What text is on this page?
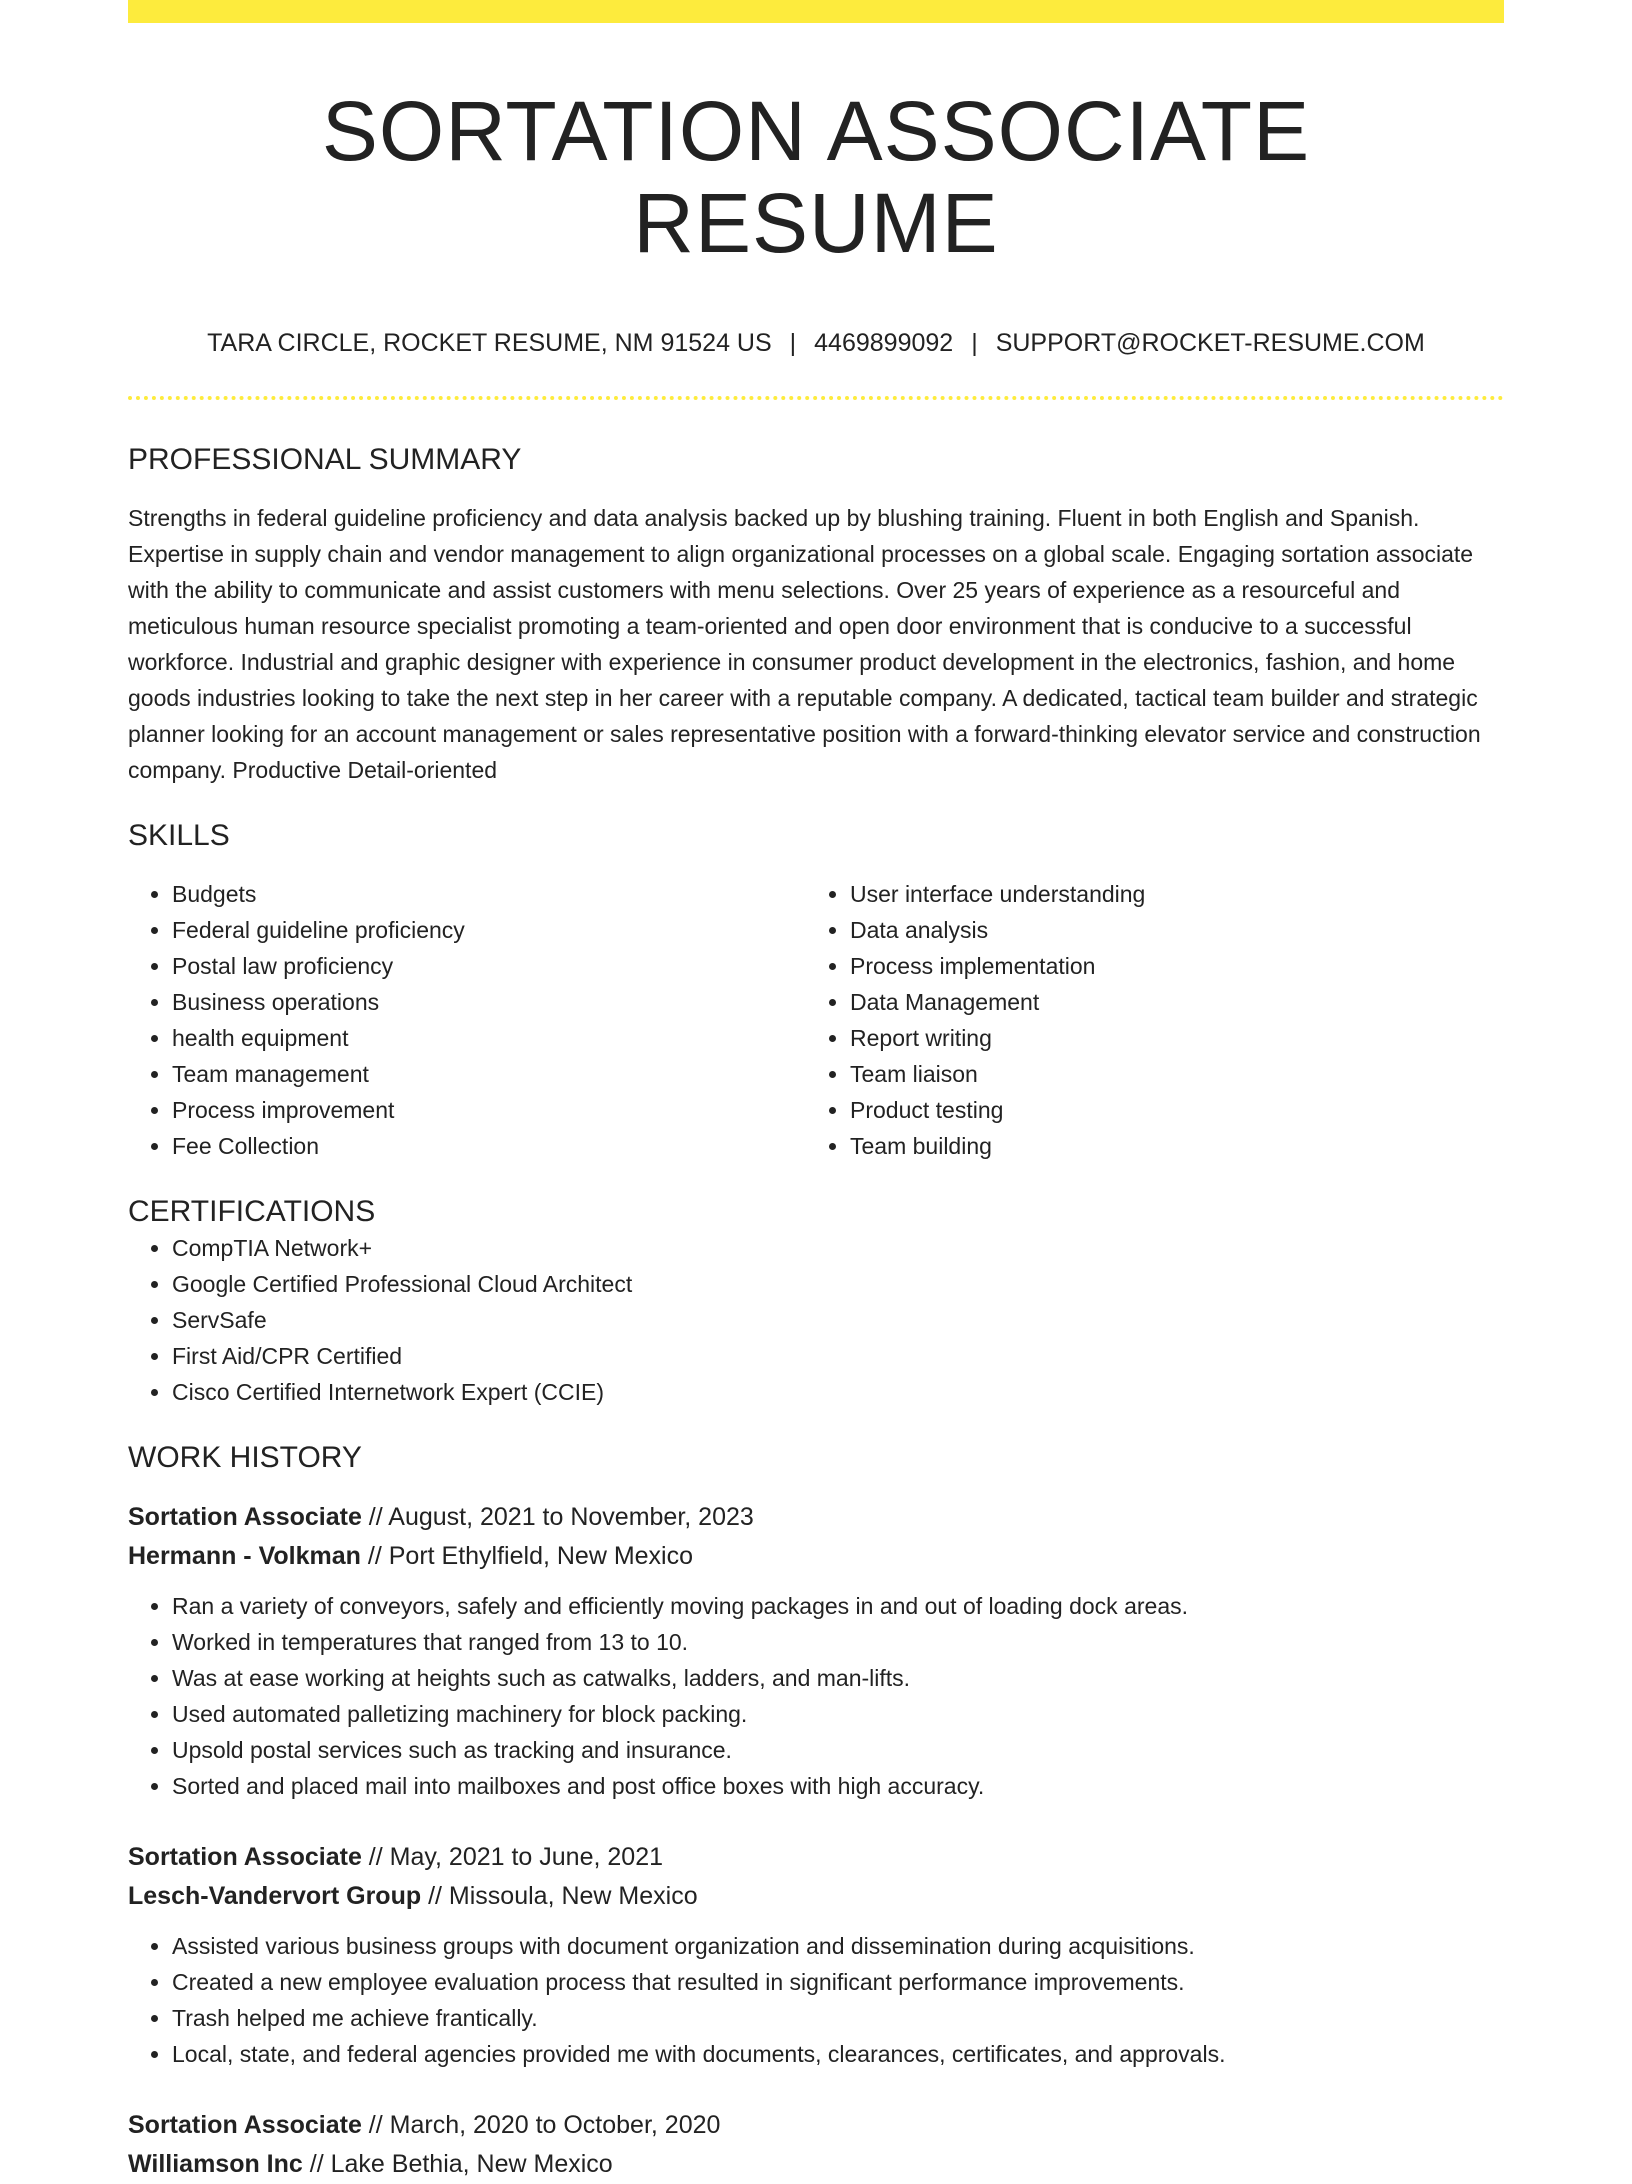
SORTATION ASSOCIATE RESUME
TARA CIRCLE, ROCKET RESUME, NM 91524 US | 4469899092 | SUPPORT@ROCKET-RESUME.COM
PROFESSIONAL SUMMARY
Strengths in federal guideline proficiency and data analysis backed up by blushing training. Fluent in both English and Spanish. Expertise in supply chain and vendor management to align organizational processes on a global scale. Engaging sortation associate with the ability to communicate and assist customers with menu selections. Over 25 years of experience as a resourceful and meticulous human resource specialist promoting a team-oriented and open door environment that is conducive to a successful workforce. Industrial and graphic designer with experience in consumer product development in the electronics, fashion, and home goods industries looking to take the next step in her career with a reputable company. A dedicated, tactical team builder and strategic planner looking for an account management or sales representative position with a forward-thinking elevator service and construction company. Productive Detail-oriented
SKILLS
• Budgets
• Federal guideline proficiency
• Postal law proficiency
• Business operations
• health equipment
• Team management
• Process improvement
• Fee Collection
• User interface understanding
• Data analysis
• Process implementation
• Data Management
• Report writing
• Team liaison
• Product testing
• Team building
CERTIFICATIONS
• CompTIA Network+
• Google Certified Professional Cloud Architect
• ServSafe
• First Aid/CPR Certified
• Cisco Certified Internetwork Expert (CCIE)
WORK HISTORY
Sortation Associate // August, 2021 to November, 2023
Hermann - Volkman // Port Ethylfield, New Mexico
• Ran a variety of conveyors, safely and efficiently moving packages in and out of loading dock areas.
• Worked in temperatures that ranged from 13 to 10.
• Was at ease working at heights such as catwalks, ladders, and man-lifts.
• Used automated palletizing machinery for block packing.
• Upsold postal services such as tracking and insurance.
• Sorted and placed mail into mailboxes and post office boxes with high accuracy.
Sortation Associate // May, 2021 to June, 2021
Lesch-Vandervort Group // Missoula, New Mexico
• Assisted various business groups with document organization and dissemination during acquisitions.
• Created a new employee evaluation process that resulted in significant performance improvements.
• Trash helped me achieve frantically.
• Local, state, and federal agencies provided me with documents, clearances, certificates, and approvals.
Sortation Associate // March, 2020 to October, 2020
Williamson Inc // Lake Bethia, New Mexico
